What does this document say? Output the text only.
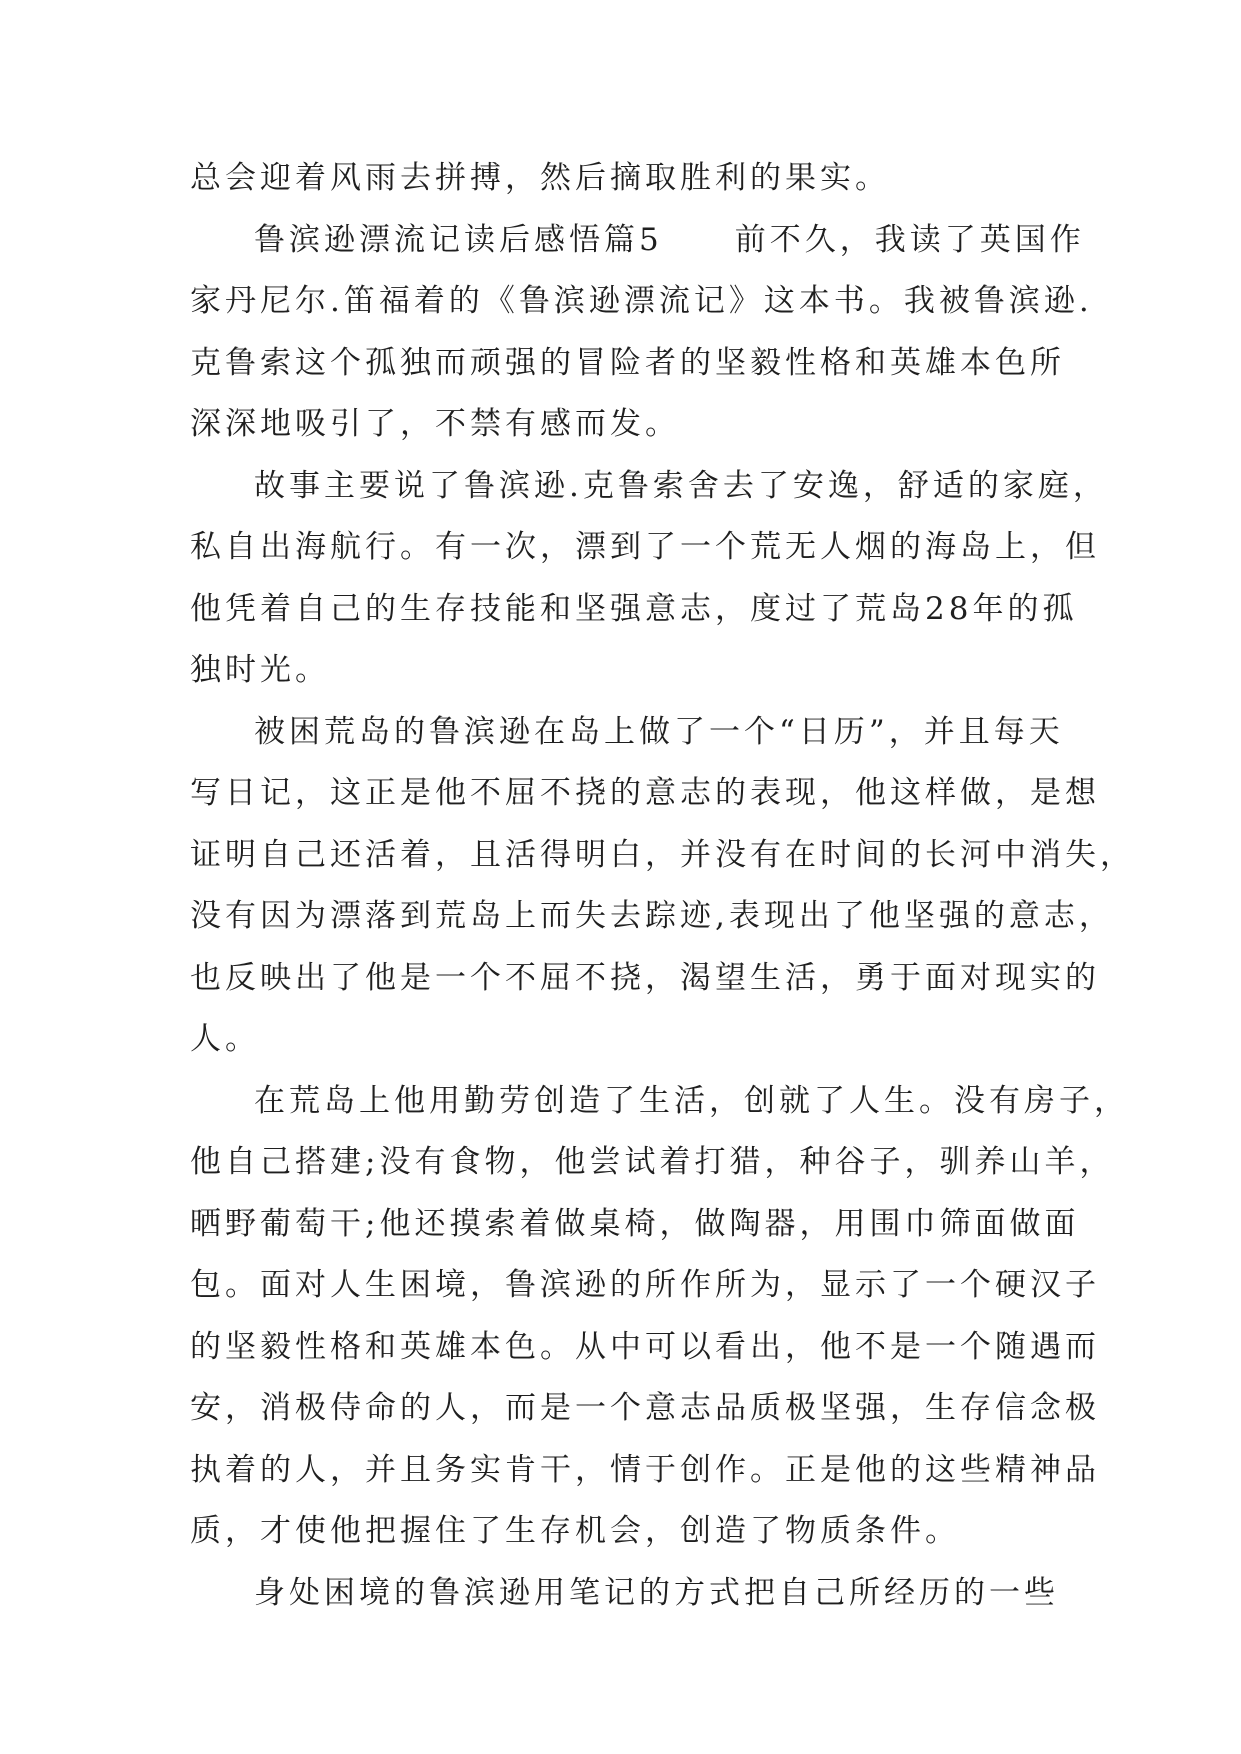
总会迎着风雨去拼搏，然后摘取胜利的果实。
鲁滨逊漂流记读后感悟篇5 前不久，我读了英国作
家丹尼尔.笛福着的《鲁滨逊漂流记》这本书。我被鲁滨逊.
克鲁索这个孤独而顽强的冒险者的坚毅性格和英雄本色所
深深地吸引了，不禁有感而发。
故事主要说了鲁滨逊.克鲁索舍去了安逸，舒适的家庭，
私自出海航行。有一次，漂到了一个荒无人烟的海岛上，但
他凭着自己的生存技能和坚强意志，度过了荒岛28年的孤
独时光。
被困荒岛的鲁滨逊在岛上做了一个“日历”，并且每天
写日记，这正是他不屈不挠的意志的表现，他这样做，是想
证明自己还活着，且活得明白，并没有在时间的长河中消失，
没有因为漂落到荒岛上而失去踪迹,表现出了他坚强的意志，
也反映出了他是一个不屈不挠，渴望生活，勇于面对现实的
人。
在荒岛上他用勤劳创造了生活，创就了人生。没有房子，
他自己搭建;没有食物，他尝试着打猎，种谷子，驯养山羊，
晒野葡萄干;他还摸索着做桌椅，做陶器，用围巾筛面做面
包。面对人生困境，鲁滨逊的所作所为，显示了一个硬汉子
的坚毅性格和英雄本色。从中可以看出，他不是一个随遇而
安，消极侍命的人，而是一个意志品质极坚强，生存信念极
执着的人，并且务实肯干，情于创作。正是他的这些精神品
质，才使他把握住了生存机会，创造了物质条件。
身处困境的鲁滨逊用笔记的方式把自己所经历的一些
